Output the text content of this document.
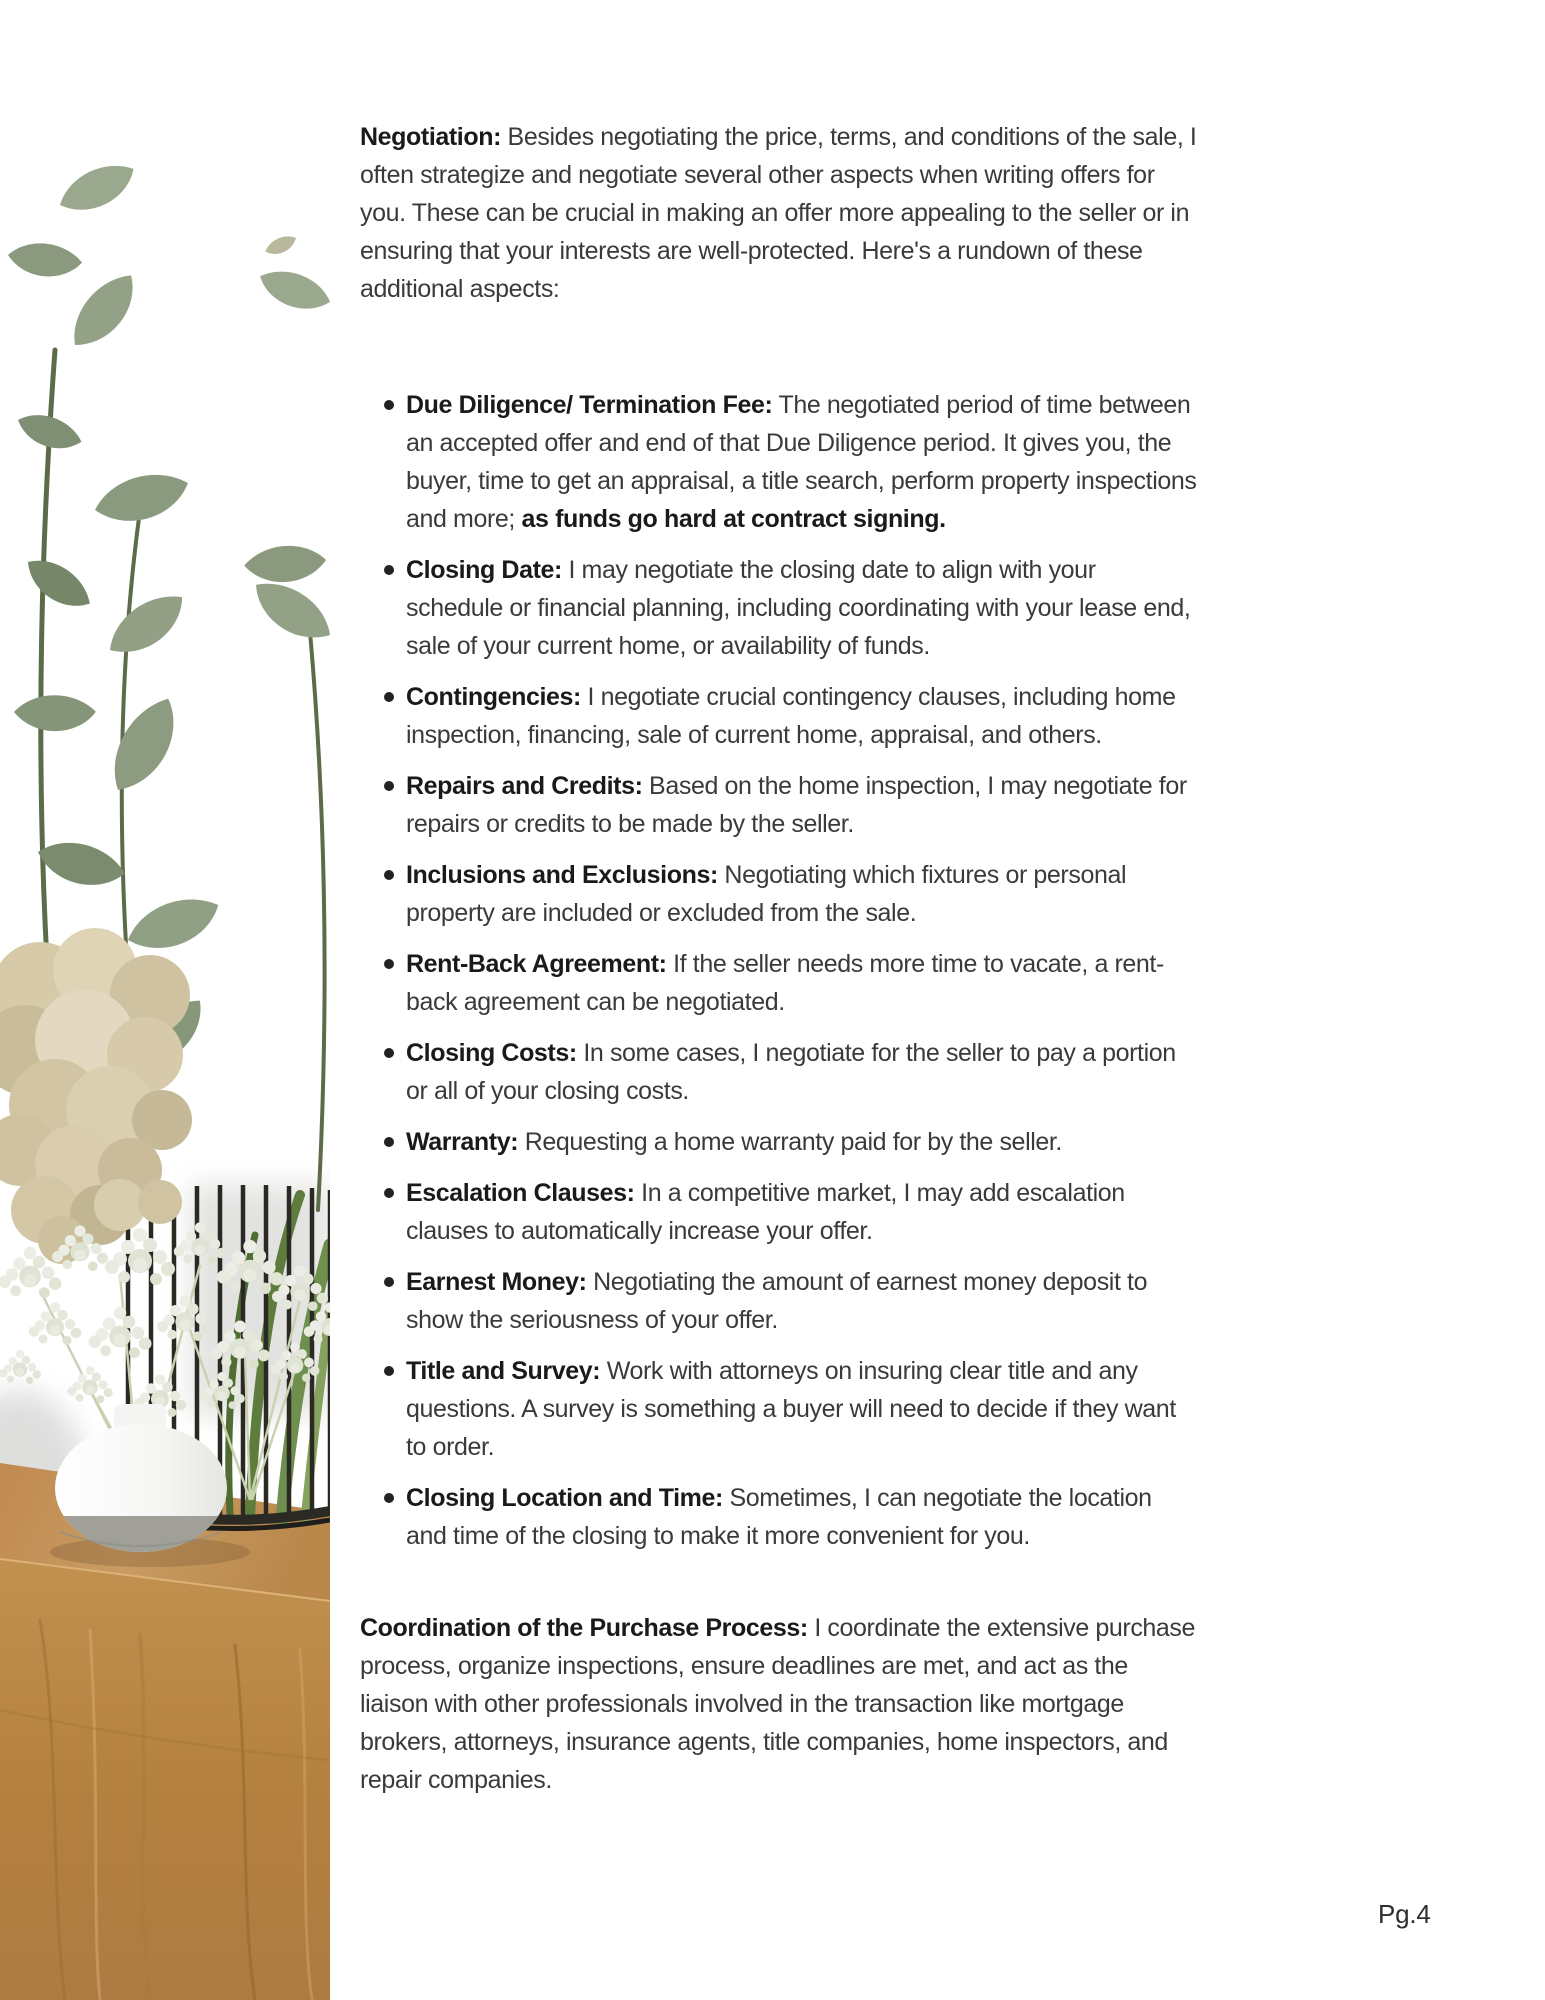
Negotiation: Besides negotiating the price, terms, and conditions of the sale, I often strategize and negotiate several other aspects when writing offers for you. These can be crucial in making an offer more appealing to the seller or in ensuring that your interests are well-protected. Here's a rundown of these additional aspects:

Due Diligence/ Termination Fee: The negotiated period of time between an accepted offer and end of that Due Diligence period. It gives you, the buyer, time to get an appraisal, a title search, perform property inspections and more; as funds go hard at contract signing.
Closing Date: I may negotiate the closing date to align with your schedule or financial planning, including coordinating with your lease end, sale of your current home, or availability of funds.
Contingencies: I negotiate crucial contingency clauses, including home inspection, financing, sale of current home, appraisal, and others.
Repairs and Credits: Based on the home inspection, I may negotiate for repairs or credits to be made by the seller.
Inclusions and Exclusions: Negotiating which fixtures or personal property are included or excluded from the sale.
Rent-Back Agreement: If the seller needs more time to vacate, a rent-back agreement can be negotiated.
Closing Costs: In some cases, I negotiate for the seller to pay a portion or all of your closing costs.
Warranty: Requesting a home warranty paid for by the seller.
Escalation Clauses: In a competitive market, I may add escalation clauses to automatically increase your offer.
Earnest Money: Negotiating the amount of earnest money deposit to show the seriousness of your offer.
Title and Survey: Work with attorneys on insuring clear title and any questions. A survey is something a buyer will need to decide if they want to order.
Closing Location and Time: Sometimes, I can negotiate the location and time of the closing to make it more convenient for you.

Coordination of the Purchase Process: I coordinate the extensive purchase process, organize inspections, ensure deadlines are met, and act as the liaison with other professionals involved in the transaction like mortgage brokers, attorneys, insurance agents, title companies, home inspectors, and repair companies.

Pg.4
